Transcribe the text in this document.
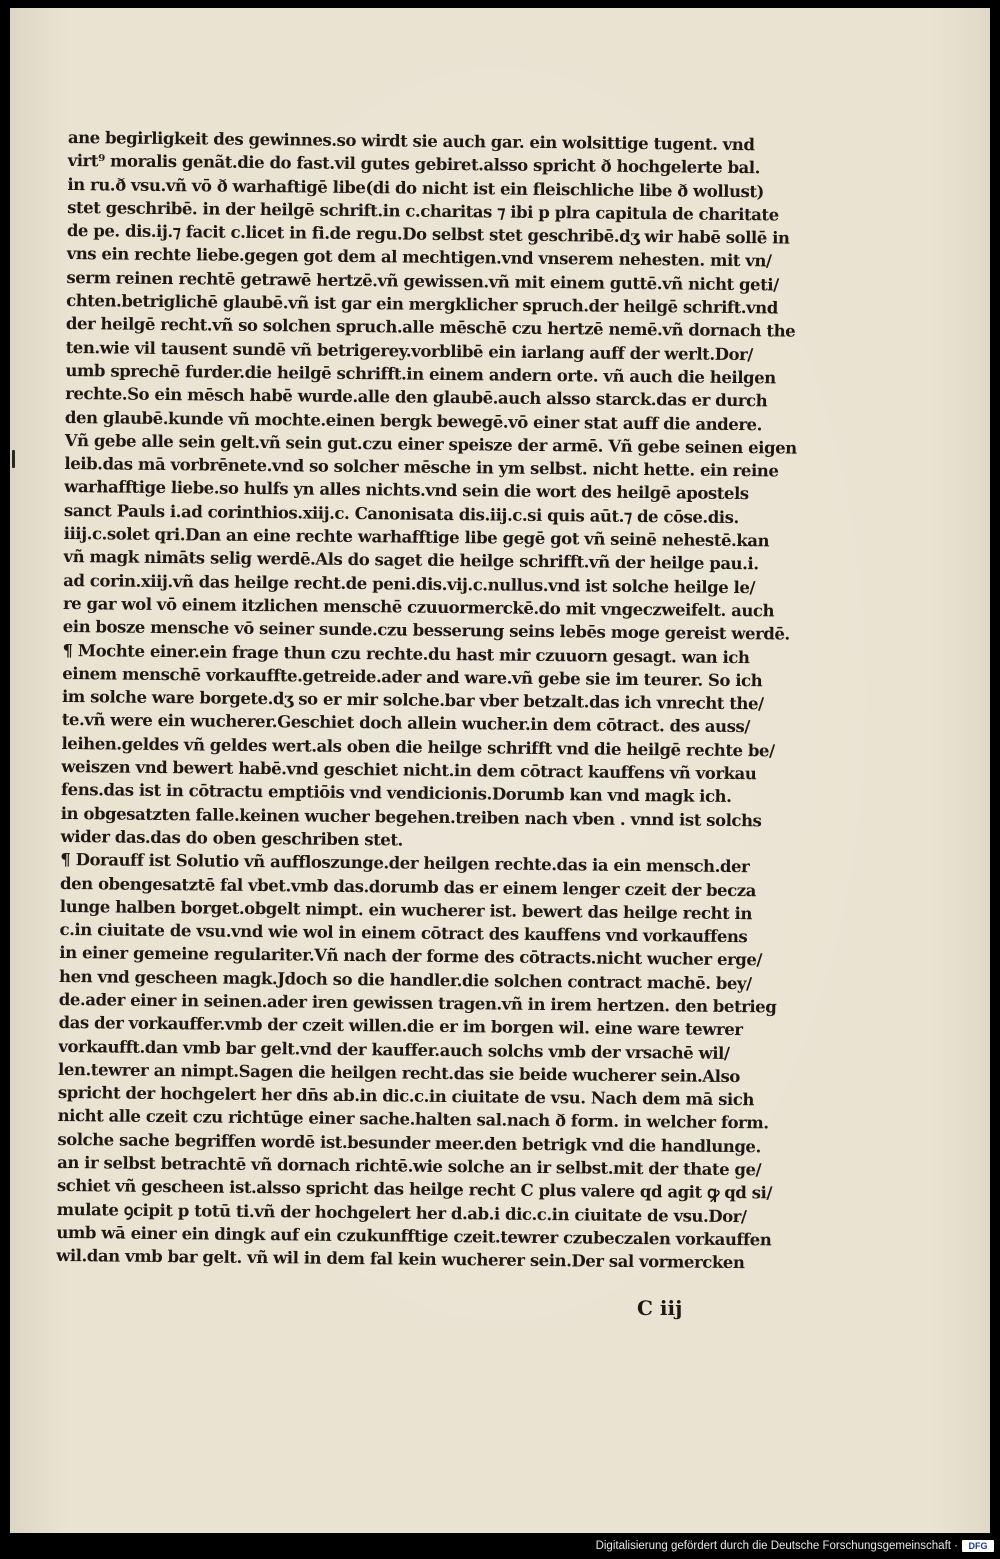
ane begirligkeit des gewinnes.so wirdt sie auch gar. ein wolsittige tugent. vnd
virt⁹ moralis genãt.die do fast.vil gutes gebiret.alsso spricht ð hochgelerte bal.
in ru.ð vsu.vñ vō ð warhaftigē libe(di do nicht ist ein fleischliche libe ð wollust)
stet geschribē. in der heilgē schrift.in c.charitas ⁊ ibi p plra capitula de charitate
de pe. dis.ij.⁊ facit c.licet in fi.de regu.Do selbst stet geschribē.dʒ wir habē sollē in
vns ein rechte liebe.gegen got dem al mechtigen.vnd vnserem nehesten. mit vn/
serm reinen rechtē getrawē hertzē.vñ gewissen.vñ mit einem guttē.vñ nicht geti/
chten.betriglichē glaubē.vñ ist gar ein mergklicher spruch.der heilgē schrift.vnd
der heilgē recht.vñ so solchen spruch.alle mēschē czu hertzē nemē.vñ dornach the
ten.wie vil tausent sundē vñ betrigerey.vorblibē ein iarlang auff der werlt.Dor/
umb sprechē furder.die heilgē schrifft.in einem andern orte. vñ auch die heilgen
rechte.So ein mēsch habē wurde.alle den glaubē.auch alsso starck.das er durch
den glaubē.kunde vñ mochte.einen bergk bewegē.vō einer stat auff die andere.
Vñ gebe alle sein gelt.vñ sein gut.czu einer speisze der armē. Vñ gebe seinen eigen
leib.das mā vorbrēnete.vnd so solcher mēsche in ym selbst. nicht hette. ein reine
warhafftige liebe.so hulfs yn alles nichts.vnd sein die wort des heilgē apostels
sanct Pauls i.ad corinthios.xiij.c. Canonisata dis.iij.c.si quis aūt.⁊ de cōse.dis.
iiij.c.solet qri.Dan an eine rechte warhafftige libe gegē got vñ seinē nehestē.kan
vñ magk nimāts selig werdē.Als do saget die heilge schrifft.vñ der heilge pau.i.
ad corin.xiij.vñ das heilge recht.de peni.dis.vij.c.nullus.vnd ist solche heilge le/
re gar wol vō einem itzlichen menschē czuuormerckē.do mit vngeczweifelt. auch
ein bosze mensche vō seiner sunde.czu besserung seins lebēs moge gereist werdē.
¶ Mochte einer.ein frage thun czu rechte.du hast mir czuuorn gesagt. wan ich
einem menschē vorkauffte.getreide.ader and ware.vñ gebe sie im teurer. So ich
im solche ware borgete.dʒ so er mir solche.bar vber betzalt.das ich vnrecht the/
te.vñ were ein wucherer.Geschiet doch allein wucher.in dem cōtract. des auss/
leihen.geldes vñ geldes wert.als oben die heilge schrifft vnd die heilgē rechte be/
weiszen vnd bewert habē.vnd geschiet nicht.in dem cōtract kauffens vñ vorkau
fens.das ist in cōtractu emptiōis vnd vendicionis.Dorumb kan vnd magk ich.
in obgesatzten falle.keinen wucher begehen.treiben nach vben . vnnd ist solchs
wider das.das do oben geschriben stet.
¶ Dorauff ist Solutio vñ auffloszunge.der heilgen rechte.das ia ein mensch.der
den obengesatztē fal vbet.vmb das.dorumb das er einem lenger czeit der becza
lunge halben borget.obgelt nimpt. ein wucherer ist. bewert das heilge recht in
c.in ciuitate de vsu.vnd wie wol in einem cōtract des kauffens vnd vorkauffens
in einer gemeine regulariter.Vñ nach der forme des cōtracts.nicht wucher erge/
hen vnd gescheen magk.Jdoch so die handler.die solchen contract machē. bey/
de.ader einer in seinen.ader iren gewissen tragen.vñ in irem hertzen. den betrieg
das der vorkauffer.vmb der czeit willen.die er im borgen wil. eine ware tewrer
vorkaufft.dan vmb bar gelt.vnd der kauffer.auch solchs vmb der vrsachē wil/
len.tewrer an nimpt.Sagen die heilgen recht.das sie beide wucherer sein.Also
spricht der hochgelert her dn̄s ab.in dic.c.in ciuitate de vsu. Nach dem mā sich
nicht alle czeit czu richtūge einer sache.halten sal.nach ð form. in welcher form.
solche sache begriffen wordē ist.besunder meer.den betrigk vnd die handlunge.
an ir selbst betrachtē vñ dornach richtē.wie solche an ir selbst.mit der thate ge/
schiet vñ gescheen ist.alsso spricht das heilge recht C plus valere qd agit ꝙ qd si/
mulate ꝯcipit p totū ti.vñ der hochgelert her d.ab.i dic.c.in ciuitate de vsu.Dor/
umb wā einer ein dingk auf ein czukunfftige czeit.tewrer czubeczalen vorkauffen
wil.dan vmb bar gelt. vñ wil in dem fal kein wucherer sein.Der sal vormercken
C iij
Digitalisierung gefördert durch die Deutsche Forschungsgemeinschaft ·	DFG
